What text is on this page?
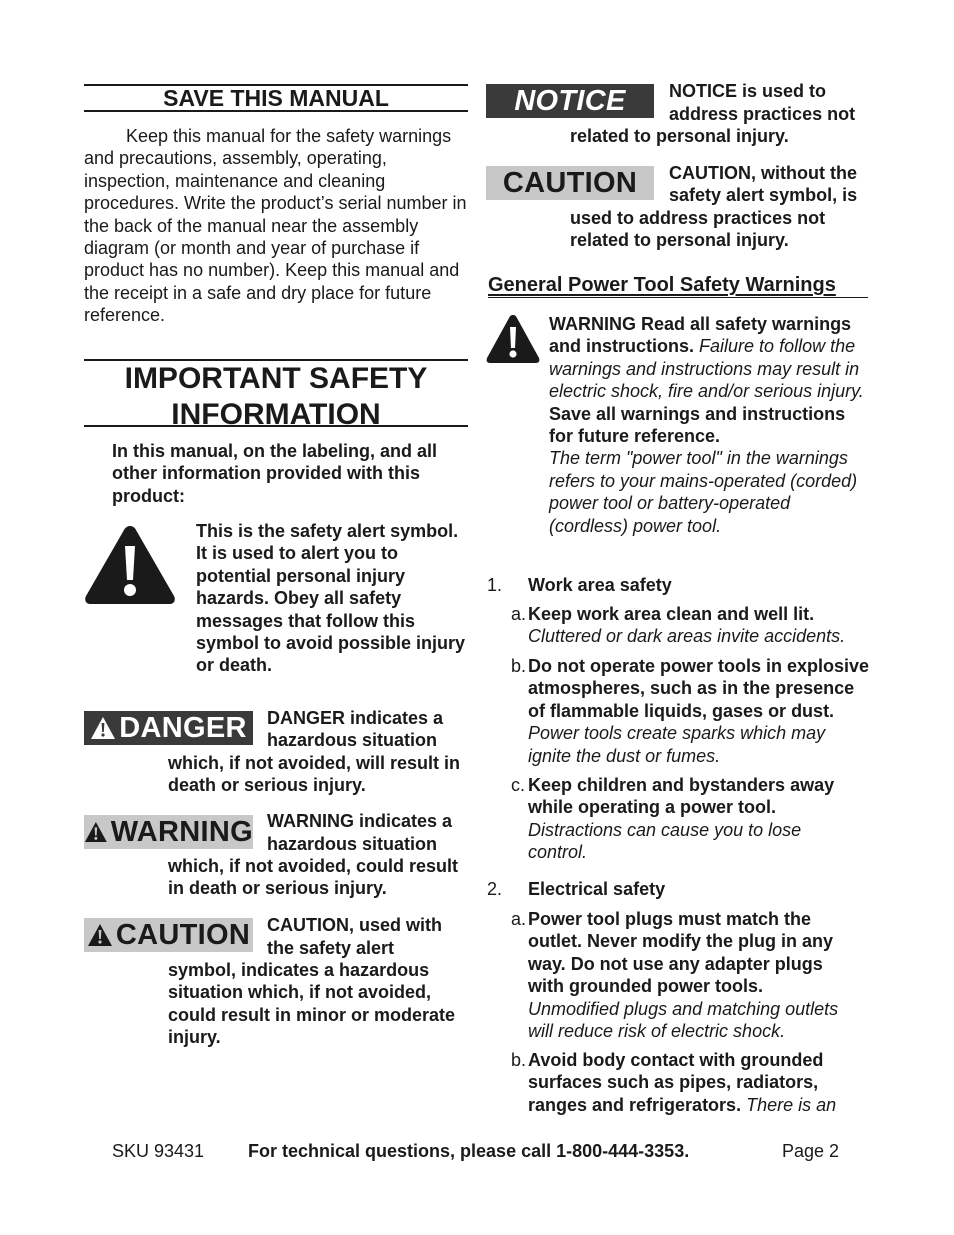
SAVE THIS MANUAL
Keep this manual for the safety warnings and precautions, assembly, operating, inspection, maintenance and cleaning procedures. Write the product’s serial number in the back of the manual near the assembly diagram (or month and year of purchase if product has no number). Keep this manual and the receipt in a safe and dry place for future reference.
IMPORTANT SAFETY
INFORMATION
In this manual, on the labeling, and all other information provided with this product:
This is the safety alert symbol. It is used to alert you to potential personal injury hazards. Obey all safety messages that follow this symbol to avoid possible injury or death.
DANGER DANGER indicates a
hazardous situation
which, if not avoided, will result in death or serious injury.
WARNING WARNING indicates a
hazardous situation
which, if not avoided, could result in death or serious injury.
CAUTION CAUTION, used with
the safety alert
symbol, indicates a hazardous situation which, if not avoided, could result in minor or moderate injury.
NOTICE NOTICE is used to
address practices not
related to personal injury.
CAUTION CAUTION, without the
safety alert symbol, is
used to address practices not related to personal injury.
General Power Tool Safety Warnings
WARNING Read all safety warnings and instructions. Failure to follow the warnings and instructions may result in electric shock, fire and/or serious injury.
Save all warnings and instructions for future reference.
The term "power tool" in the warnings refers to your mains-operated (corded) power tool or battery-operated (cordless) power tool.
1.	Work area safety
a. Keep work area clean and well lit.
Cluttered or dark areas invite accidents.
b. Do not operate power tools in explosive atmospheres, such as in the presence of flammable liquids, gases or dust. Power tools create sparks which may ignite the dust or fumes.
c. Keep children and bystanders away while operating a power tool.
Distractions can cause you to lose control.
2.	Electrical safety
a. Power tool plugs must match the outlet. Never modify the plug in any way. Do not use any adapter plugs with grounded power tools.
Unmodified plugs and matching outlets will reduce risk of electric shock.
b. Avoid body contact with grounded surfaces such as pipes, radiators, ranges and refrigerators. There is an
SKU 93431 For technical questions, please call 1-800-444-3353.	Page 2
